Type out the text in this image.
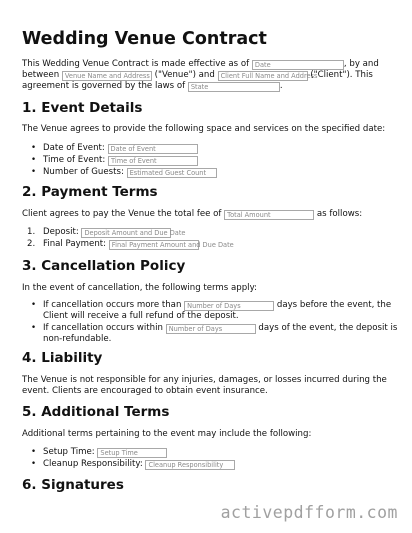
Wedding Venue Contract
This Wedding Venue Contract is made effective as of Date	, by and
between Venue Name and Address ("Venue") and Client Full Name and Address ("Client"). This
agreement is governed by the laws of State	.
1. Event Details
The Venue agrees to provide the following space and services on the specified date:
• Date of Event: Date of Event
• Time of Event: Time of Event
• Number of Guests: Estimated Guest Count
2. Payment Terms
Client agrees to pay the Venue the total fee of Total Amount	as follows:
1. Deposit: Deposit Amount and Due Date
2. Final Payment: Final Payment Amount and Due Date
3. Cancellation Policy
In the event of cancellation, the following terms apply:
• If cancellation occurs more than Number of Days	days before the event, the
Client will receive a full refund of the deposit.
• If cancellation occurs within Number of Days	days of the event, the deposit is
non-refundable.
4. Liability
The Venue is not responsible for any injuries, damages, or losses incurred during the
event. Clients are encouraged to obtain event insurance.
5. Additional Terms
Additional terms pertaining to the event may include the following:
• Setup Time: Setup Time
• Cleanup Responsibility: Cleanup Responsibility
6. Signatures
activepdfform.com
